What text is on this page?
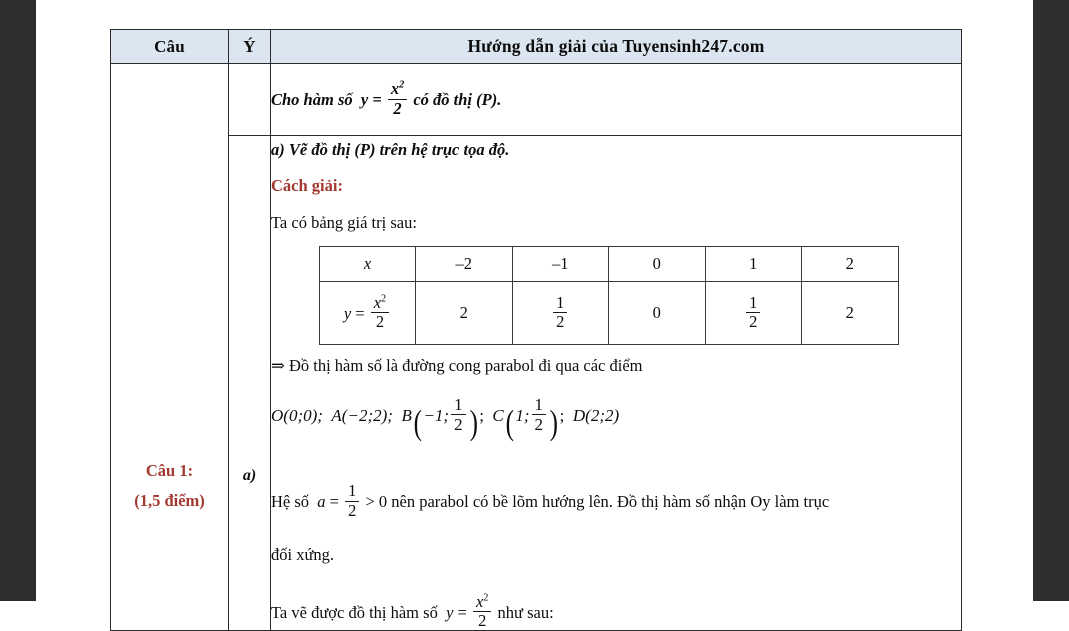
Câu	Ý	Hướng dẫn giải của Tuyensinh247.com

Câu 1:
(1,5 điểm)

Cho hàm số $y = \frac{x^2}{2}$ có đồ thị (P).

a)

a) Vẽ đồ thị (P) trên hệ trục tọa độ.
Cách giải:
Ta có bảng giá trị sau:
x	–2	–1	0	1	2
$y = \frac{x^2}{2}$	2	$\frac{1}{2}$	0	$\frac{1}{2}$	2
⇒ Đồ thị hàm số là đường cong parabol đi qua các điểm
O(0;0); A(−2;2); B(−1; $\frac{1}{2}$ ); C(1; $\frac{1}{2}$ ); D(2;2)
Hệ số $a = \frac{1}{2} > 0$ nên parabol có bề lõm hướng lên. Đồ thị hàm số nhận Oy làm trục
đối xứng.
Ta vẽ được đồ thị hàm số $y = \frac{x^2}{2}$ như sau:
